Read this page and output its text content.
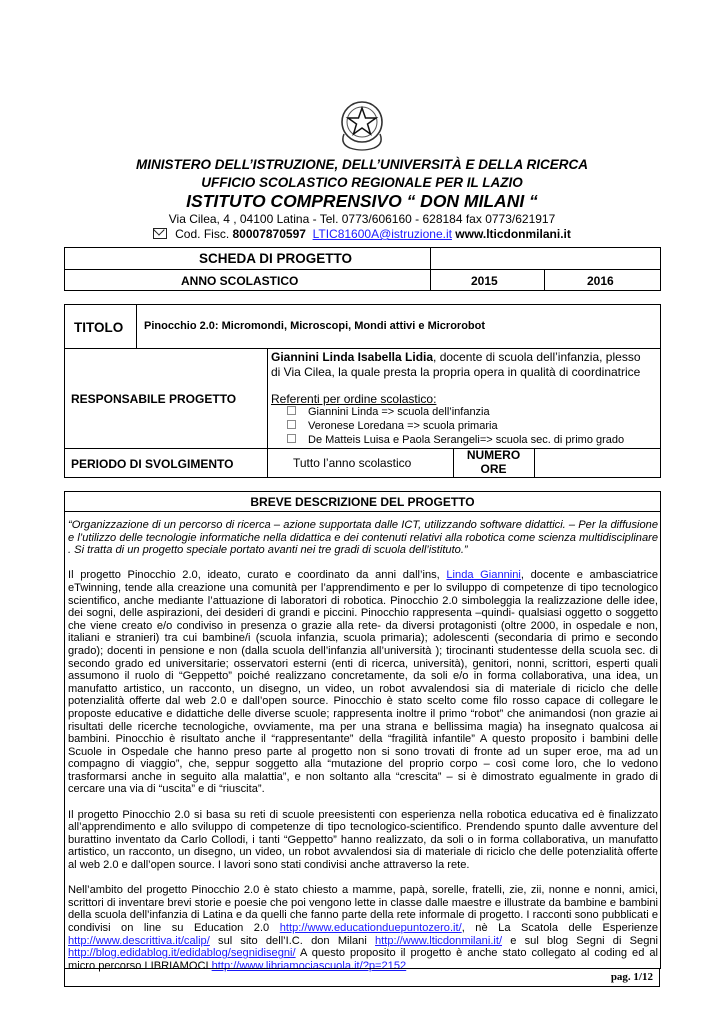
MINISTERO DELL’ISTRUZIONE, DELL’UNIVERSITÀ E DELLA RICERCA
UFFICIO SCOLASTICO REGIONALE PER IL LAZIO
ISTITUTO COMPRENSIVO “ DON MILANI “
Via Cilea, 4 , 04100 Latina - Tel. 0773/606160 - 628184 fax 0773/621917
Cod. Fisc. 80007870597 LTIC81600A@istruzione.it www.lticdonmilani.it
SCHEDA DI PROGETTO
ANNO SCOLASTICO	2015	2016
TITOLO Pinocchio 2.0: Micromondi, Microscopi, Mondi attivi e Microrobot
RESPONSABILE PROGETTO
Giannini Linda Isabella Lidia, docente di scuola dell’infanzia, plesso
di Via Cilea, la quale presta la propria opera in qualità di coordinatrice
Referenti per ordine scolastico:
Giannini Linda => scuola dell’infanzia
Veronese Loredana => scuola primaria
De Matteis Luisa e Paola Serangeli=> scuola sec. di primo grado
PERIODO DI SVOLGIMENTO	Tutto l’anno scolastico
NUMERO
ORE
BREVE DESCRIZIONE DEL PROGETTO

“Organizzazione di un percorso di ricerca – azione supportata dalle ICT, utilizzando software didattici. – Per la diffusione e l’utilizzo delle tecnologie informatiche nella didattica e dei contenuti relativi alla robotica come scienza multidisciplinare . Si tratta di un progetto speciale portato avanti nei tre gradi di scuola dell’istituto.”

Il progetto Pinocchio 2.0, ideato, curato e coordinato da anni dall’ins, Linda Giannini, docente e ambasciatrice eTwinning, tende alla creazione una comunità per l’apprendimento e per lo sviluppo di competenze di tipo tecnologico scientifico, anche mediante l’attuazione di laboratori di robotica. Pinocchio 2.0 simboleggia la realizzazione delle idee, dei sogni, delle aspirazioni, dei desideri di grandi e piccini. Pinocchio rappresenta –quindi- qualsiasi oggetto o soggetto che viene creato e/o condiviso in presenza o grazie alla rete- da diversi protagonisti (oltre 2000, in ospedale e non, italiani e stranieri) tra cui bambine/i (scuola infanzia, scuola primaria); adolescenti (secondaria di primo e secondo grado); docenti in pensione e non (dalla scuola dell’infanzia all’università ); tirocinanti studentesse della scuola sec. di secondo grado ed universitarie; osservatori esterni (enti di ricerca, università), genitori, nonni, scrittori, esperti quali assumono il ruolo di “Geppetto” poiché realizzano concretamente, da soli e/o in forma collaborativa, una idea, un manufatto artistico, un racconto, un disegno, un video, un robot avvalendosi sia di materiale di riciclo che delle potenzialità offerte dal web 2.0 e dall’open source. Pinocchio è stato scelto come filo rosso capace di collegare le proposte educative e didattiche delle diverse scuole; rappresenta inoltre il primo “robot” che animandosi (non grazie ai risultati delle ricerche tecnologiche, ovviamente, ma per una strana e bellissima magia) ha insegnato qualcosa ai bambini. Pinocchio è risultato anche il “rappresentante” della “fragilità infantile” A questo proposito i bambini delle Scuole in Ospedale che hanno preso parte al progetto non si sono trovati di fronte ad un super eroe, ma ad un compagno di viaggio”, che, seppur soggetto alla “mutazione del proprio corpo – così come loro, che lo vedono trasformarsi anche in seguito alla malattia”, e non soltanto alla “crescita” – si è dimostrato egualmente in grado di cercare una via di “uscita” e di “riuscita”.

Il progetto Pinocchio 2.0 si basa su reti di scuole preesistenti con esperienza nella robotica educativa ed è finalizzato all’apprendimento e allo sviluppo di competenze di tipo tecnologico-scientifico. Prendendo spunto dalle avventure del burattino inventato da Carlo Collodi, i tanti “Geppetto” hanno realizzato, da soli o in forma collaborativa, un manufatto artistico, un racconto, un disegno, un video, un robot avvalendosi sia di materiale di riciclo che delle potenzialità offerte al web 2.0 e dall’open source. I lavori sono stati condivisi anche attraverso la rete.

Nell’ambito del progetto Pinocchio 2.0 è stato chiesto a mamme, papà, sorelle, fratelli, zie, zii, nonne e nonni, amici, scrittori di inventare brevi storie e poesie che poi vengono lette in classe dalle maestre e illustrate da bambine e bambini della scuola dell’infanzia di Latina e da quelli che fanno parte della rete informale di progetto. I racconti sono pubblicati e condivisi on line su Education 2.0 http://www.educationduepuntozero.it/, nè La Scatola delle Esperienze http://www.descrittiva.it/calip/ sul sito dell’I.C. don Milani http://www.lticdonmilani.it/ e sul blog Segni di Segni http://blog.edidablog.it/edidablog/segnidisegni/ A questo proposito il progetto è anche stato collegato al coding ed al micro percorso LIBRIAMOCI http://www.libriamociascuola.it/?p=2152

pag. 1/12
